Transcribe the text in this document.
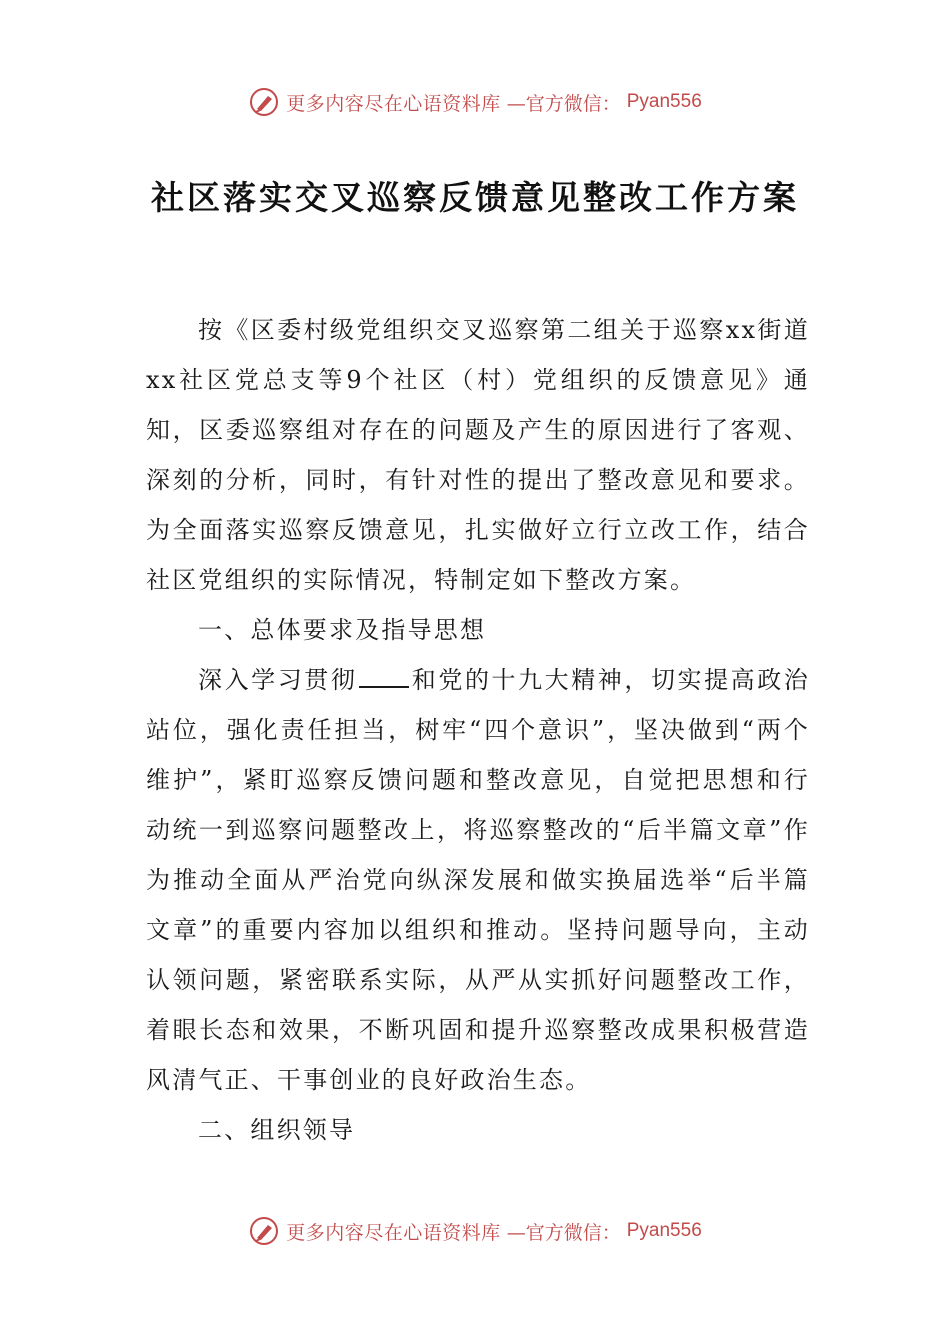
更多内容尽在心语资料库 —官方微信： Pyan556
社区落实交叉巡察反馈意见整改工作方案

按《区委村级党组织交叉巡察第二组关于巡察xx街道xx社区党总支等9个社区（村）党组织的反馈意见》通知，区委巡察组对存在的问题及产生的原因进行了客观、深刻的分析，同时，有针对性的提出了整改意见和要求。为全面落实巡察反馈意见，扎实做好立行立改工作，结合社区党组织的实际情况，特制定如下整改方案。

一、总体要求及指导思想

深入学习贯彻 和党的十九大精神，切实提高政治站位，强化责任担当，树牢“四个意识”，坚决做到“两个维护”，紧盯巡察反馈问题和整改意见，自觉把思想和行动统一到巡察问题整改上，将巡察整改的“后半篇文章”作为推动全面从严治党向纵深发展和做实换届选举“后半篇文章”的重要内容加以组织和推动。坚持问题导向，主动认领问题，紧密联系实际，从严从实抓好问题整改工作，着眼长态和效果，不断巩固和提升巡察整改成果积极营造风清气正、干事创业的良好政治生态。

二、组织领导

更多内容尽在心语资料库 —官方微信： Pyan556
